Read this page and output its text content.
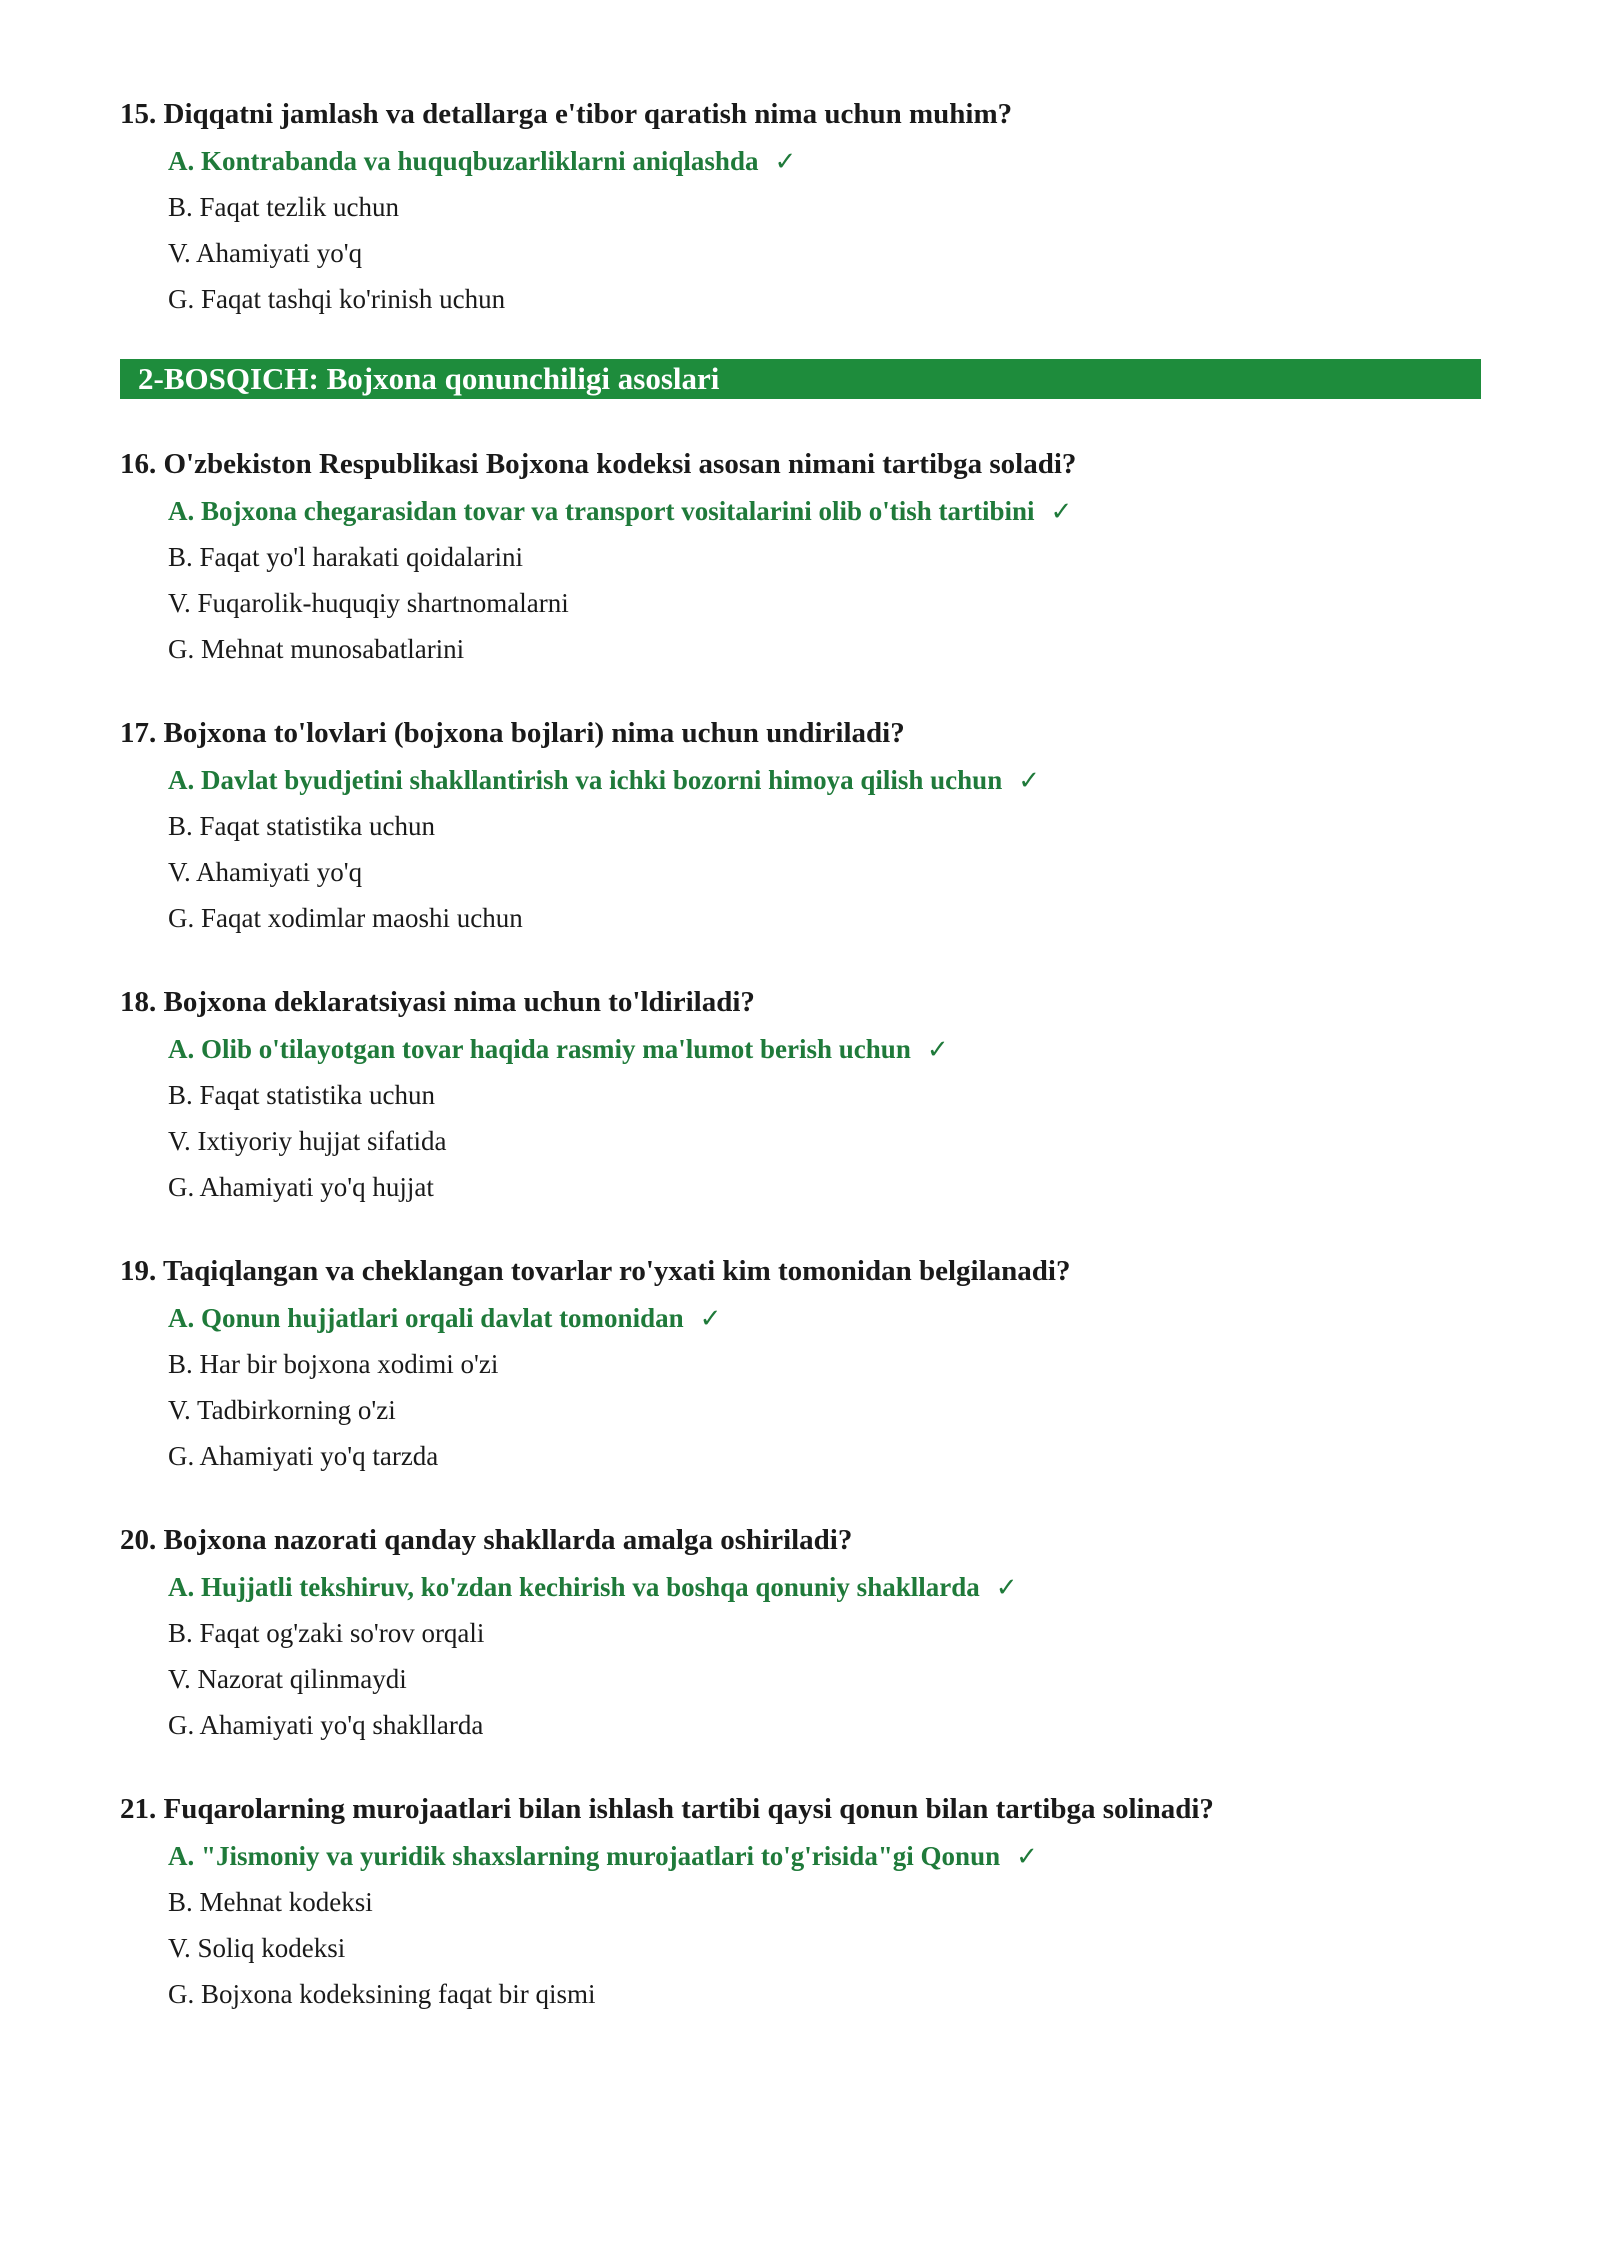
15. Diqqatni jamlash va detallarga e'tibor qaratish nima uchun muhim?

A. Kontrabanda va huquqbuzarliklarni aniqlashda ✓
B. Faqat tezlik uchun
V. Ahamiyati yo'q
G. Faqat tashqi ko'rinish uchun
2-BOSQICH: Bojxona qonunchiligi asoslari

16. O'zbekiston Respublikasi Bojxona kodeksi asosan nimani tartibga soladi?

A. Bojxona chegarasidan tovar va transport vositalarini olib o'tish tartibini ✓
B. Faqat yo'l harakati qoidalarini
V. Fuqarolik-huquqiy shartnomalarni
G. Mehnat munosabatlarini

17. Bojxona to'lovlari (bojxona bojlari) nima uchun undiriladi?

A. Davlat byudjetini shakllantirish va ichki bozorni himoya qilish uchun ✓
B. Faqat statistika uchun
V. Ahamiyati yo'q
G. Faqat xodimlar maoshi uchun

18. Bojxona deklaratsiyasi nima uchun to'ldiriladi?

A. Olib o'tilayotgan tovar haqida rasmiy ma'lumot berish uchun ✓
B. Faqat statistika uchun
V. Ixtiyoriy hujjat sifatida
G. Ahamiyati yo'q hujjat

19. Taqiqlangan va cheklangan tovarlar ro'yxati kim tomonidan belgilanadi?

A. Qonun hujjatlari orqali davlat tomonidan ✓
B. Har bir bojxona xodimi o'zi
V. Tadbirkorning o'zi
G. Ahamiyati yo'q tarzda

20. Bojxona nazorati qanday shakllarda amalga oshiriladi?

A. Hujjatli tekshiruv, ko'zdan kechirish va boshqa qonuniy shakllarda ✓
B. Faqat og'zaki so'rov orqali
V. Nazorat qilinmaydi
G. Ahamiyati yo'q shakllarda

21. Fuqarolarning murojaatlari bilan ishlash tartibi qaysi qonun bilan tartibga solinadi?

A. "Jismoniy va yuridik shaxslarning murojaatlari to'g'risida"gi Qonun ✓
B. Mehnat kodeksi
V. Soliq kodeksi
G. Bojxona kodeksining faqat bir qismi
